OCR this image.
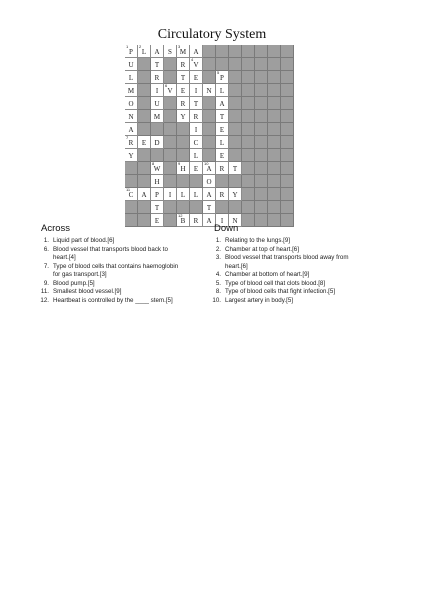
Circulatory System
1
P
2
L	A	S
3
M	A
U	T	R
4
V
L	R	T	E
5
P
M	I
6
V	E	I	N	L
O	U	R	T	A
N	M	Y	R	T
A	I	E
7
R	E	D	C	L
Y	L	E
8
W
9
H	E
10
A	R	T
H	O
11
C	A	P	I	L	L	A	R	Y
T	T
E
12
B	R	A	I	N
Across	Down
1. Liquid part of blood.[6]
6. Blood vessel that transports blood back to
heart.[4]
7. Type of blood cells that contains haemoglobin
for gas transport.[3]
9. Blood pump.[5]
11. Smallest blood vessel.[9]
12. Heartbeat is controlled by the ____ stem.[5]
1. Relating to the lungs.[9]
2. Chamber at top of heart.[6]
3. Blood vessel that transports blood away from
heart.[6]
4. Chamber at bottom of heart.[9]
5. Type of blood cell that clots blood.[8]
8. Type of blood cells that fight infection.[5]
10. Largest artery in body.[5]
